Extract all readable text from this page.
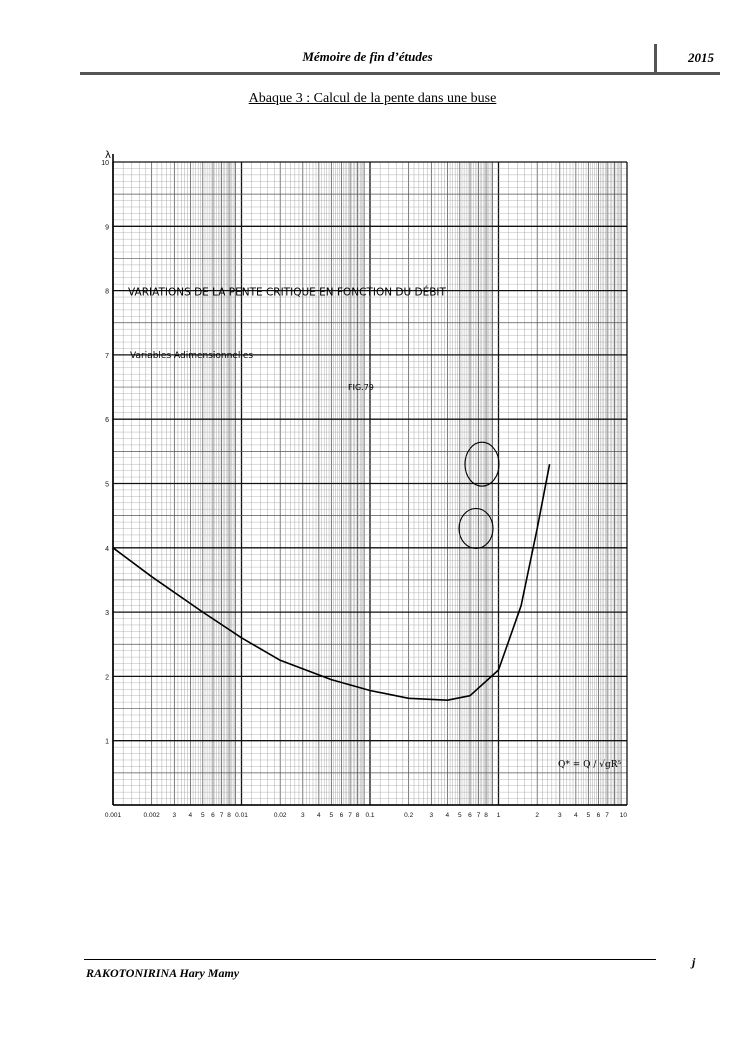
Mémoire de fin d’études	2015
Abaque 3 : Calcul de la pente dans une buse
λ
VARIATIONS DE LA PENTE CRITIQUE EN FONCTION DU DÉBIT
Variables Adimensionnelles
FIG.79
Q* = Q / √gR⁵
1
2
3
4
5
6
7
8
9
10
0.001	0.002 3 4 5 6 7 8 0.01	0.02 3 4 5 6 7 8 0.1	0.2	3 4 5 6 7 8 1	2	3 4 5 6 7 10
RAKOTONIRINA Hary Mamy
j
